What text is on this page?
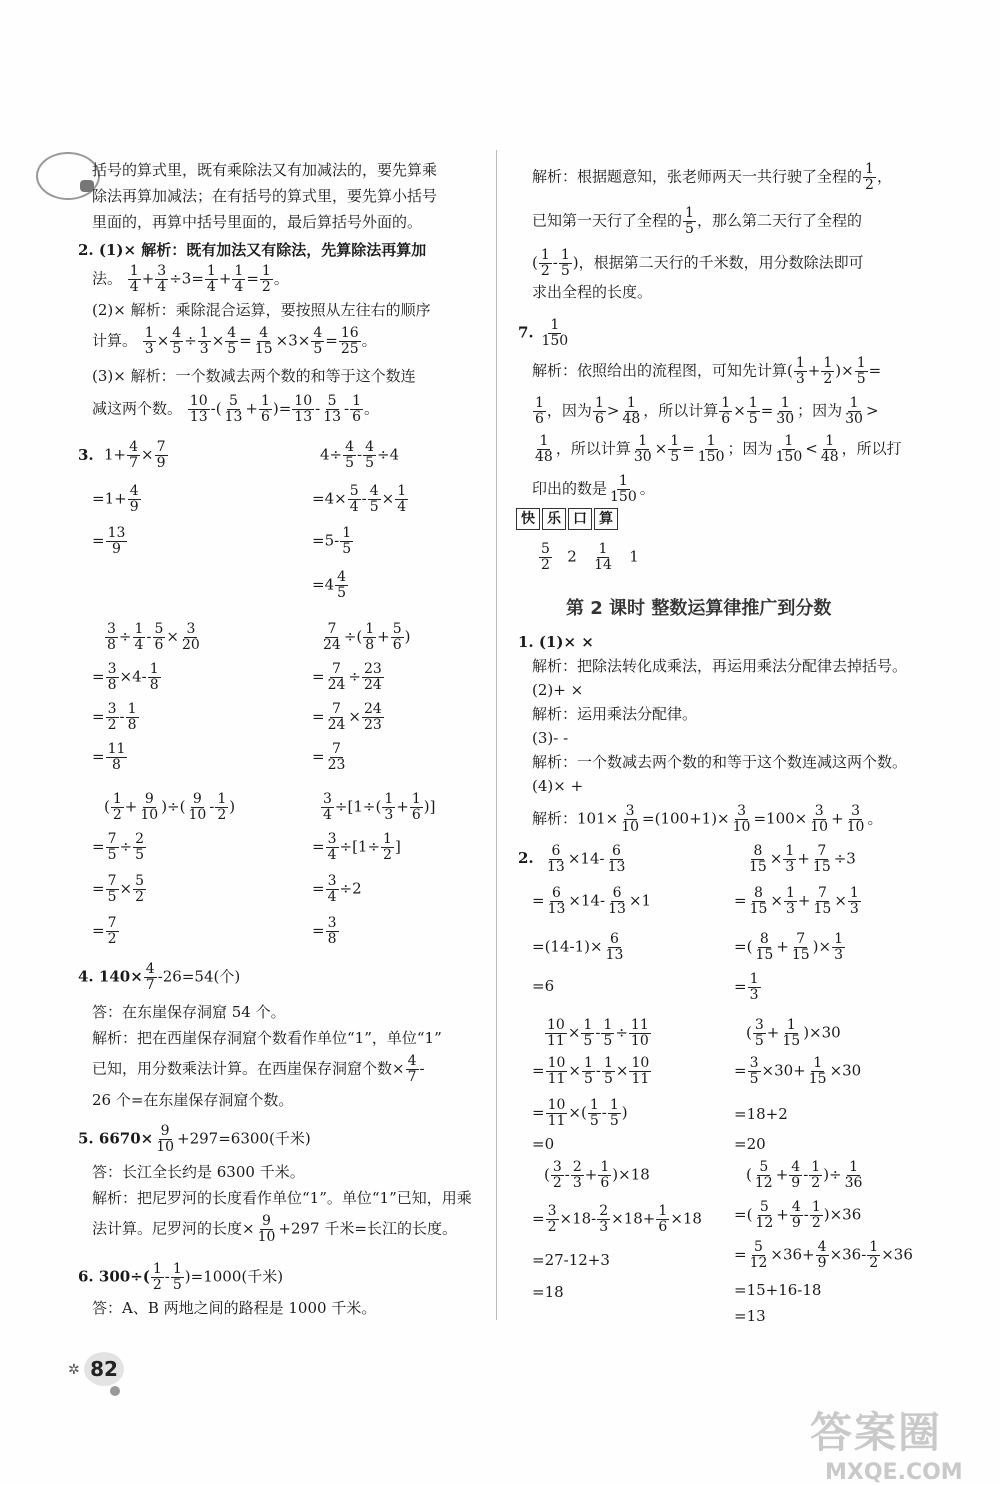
括号的算式里，既有乘除法又有加减法的，要先算乘
除法再算加减法；在有括号的算式里，要先算小括号
里面的，再算中括号里面的，最后算括号外面的。
2. (1)× 解析：既有加法又有除法，先算除法再算加
法。 $\frac{1}{4} + \frac{3}{4} \div 3= \frac{1}{4} + \frac{1}{4} = \frac{1}{2}$ 。
(2)× 解析：乘除混合运算，要按照从左往右的顺序
计算。 $\frac{1}{3} \times \frac{4}{5} \div \frac{1}{3} \times \frac{4}{5} = \frac{4}{15} \times 3\times \frac{4}{5} = \frac{16}{25}$ 。
(3)× 解析：一个数减去两个数的和等于这个数连
减这两个数。 $\frac{10}{13}$ -( $\frac{5}{13} + \frac{1}{6}$ )= $\frac{10}{13} - \frac{5}{13} - \frac{1}{6}$ 。
3. $1+ \frac{4}{7} \times \frac{7}{9}$
$=1+ \frac{4}{9}$
= $\frac{13}{9}$
$4\div \frac{4}{5} - \frac{4}{5} \div 4$
$=4\times \frac{5}{4} - \frac{4}{5} \times \frac{1}{4}$
$=5- \frac{1}{5}$
$=4 \frac{4}{5}$
$\frac{3}{8} \div \frac{1}{4} - \frac{5}{6} \times \frac{3}{20}$
= $\frac{3}{8} \times 4- \frac{1}{8}$
= $\frac{3}{2} - \frac{1}{8}$
= $\frac{11}{8}$
$\frac{7}{24}$ ÷( $\frac{1}{8} + \frac{5}{6}$ )
= $\frac{7}{24} \div \frac{23}{24}$
= $\frac{7}{24} \times \frac{24}{23}$
= $\frac{7}{23}$
( $\frac{1}{2} + \frac{9}{10}$ )÷( $\frac{9}{10} - \frac{1}{2}$ )
= $\frac{7}{5} \div \frac{2}{5}$
= $\frac{7}{5} \times \frac{5}{2}$
= $\frac{7}{2}$
$\frac{3}{4} \div[1\div( \frac{1}{3} + \frac{1}{6}$ )]
= $\frac{3}{4} \div[1\div \frac{1}{2}$ ]
= $\frac{3}{4} \div 2$
= $\frac{3}{8}$
4. $140\times \frac{4}{7} -26=54$(个)
答：在东崖保存洞窟 54 个。
解析：把在西崖保存洞窟个数看作单位“1”，单位“1”
已知，用分数乘法计算。在西崖保存洞窟个数× $\frac{4}{7}$ -
26 个=在东崖保存洞窟个数。
5. $6670\times \frac{9}{10} +297=6300$(千米)
答：长江全长约是 6300 千米。
解析：把尼罗河的长度看作单位“1”。单位“1”已知，用乘
法计算。尼罗河的长度× $\frac{9}{10} +297$ 千米=长江的长度。
6. $300\div( \frac{1}{2} - \frac{1}{5} )=1000$(千米)
答：A、B 两地之间的路程是 1000 千米。
解析：根据题意知，张老师两天一共行驶了全程的 $\frac{1}{2}$ ，
已知第一天行了全程的 $\frac{1}{5}$ ，那么第二天行了全程的
( $\frac{1}{2} - \frac{1}{5}$ )，根据第二天行的千米数，用分数除法即可
求出全程的长度。
7. $\frac{1}{150}$
解析：依照给出的流程图，可知先计算( $\frac{1}{3} + \frac{1}{2}$ )× $\frac{1}{5}$ =
$\frac{1}{6}$ ，因为 $\frac{1}{6} > \frac{1}{48}$ ，所以计算 $\frac{1}{6} \times \frac{1}{5} = \frac{1}{30}$ ；因为 $\frac{1}{30}$ >
$\frac{1}{48}$ ，所以计算 $\frac{1}{30} \times \frac{1}{5} = \frac{1}{150}$ ；因为 $\frac{1}{150} < \frac{1}{48}$ ，所以打
印出的数是 $\frac{1}{150}$ 。
快 乐 口 算
$\frac{5}{2} 2 \frac{1}{14} 1$
第 2 课时 整数运算律推广到分数
1. (1)× ×
解析：把除法转化成乘法，再运用乘法分配律去掉括号。
(2)+ ×
解析：运用乘法分配律。
(3)- -
解析：一个数减去两个数的和等于这个数连减这两个数。
(4)× +
解析：$101\times \frac{3}{10} =(100+1)\times \frac{3}{10} =100\times \frac{3}{10} + \frac{3}{10}$ 。
2. $\frac{6}{13} \times 14- \frac{6}{13}$
= $\frac{6}{13} \times 14- \frac{6}{13} \times 1$
$=(14-1)\times \frac{6}{13}$
=6
$\frac{8}{15} \times \frac{1}{3} + \frac{7}{15} \div 3$
= $\frac{8}{15} \times \frac{1}{3} + \frac{7}{15} \times \frac{1}{3}$
=( $\frac{8}{15} + \frac{7}{15}$ )× $\frac{1}{3}$
= $\frac{1}{3}$
$\frac{10}{11} \times \frac{1}{5} - \frac{1}{5} \div \frac{11}{10}$
= $\frac{10}{11} \times \frac{1}{5} - \frac{1}{5} \times \frac{10}{11}$
= $\frac{10}{11}$ ×( $\frac{1}{5} - \frac{1}{5}$ )
=0
( $\frac{3}{5} + \frac{1}{15} )\times 30$
= $\frac{3}{5} \times 30+ \frac{1}{15} \times 30$
=18+2
=20
( $\frac{3}{2} - \frac{2}{3} + \frac{1}{6} )\times 18$
= $\frac{3}{2} \times 18- \frac{2}{3} \times 18+ \frac{1}{6} \times 18$
=27-12+3
=18
( $\frac{5}{12} + \frac{4}{9} - \frac{1}{2}$ )÷ $\frac{1}{36}$
=( $\frac{5}{12} + \frac{4}{9} - \frac{1}{2} )\times 36$
= $\frac{5}{12} \times 36+ \frac{4}{9} \times 36- \frac{1}{2} \times 36$
=15+16-18
=13
✲ 82
答案圈
MXQE.COM
